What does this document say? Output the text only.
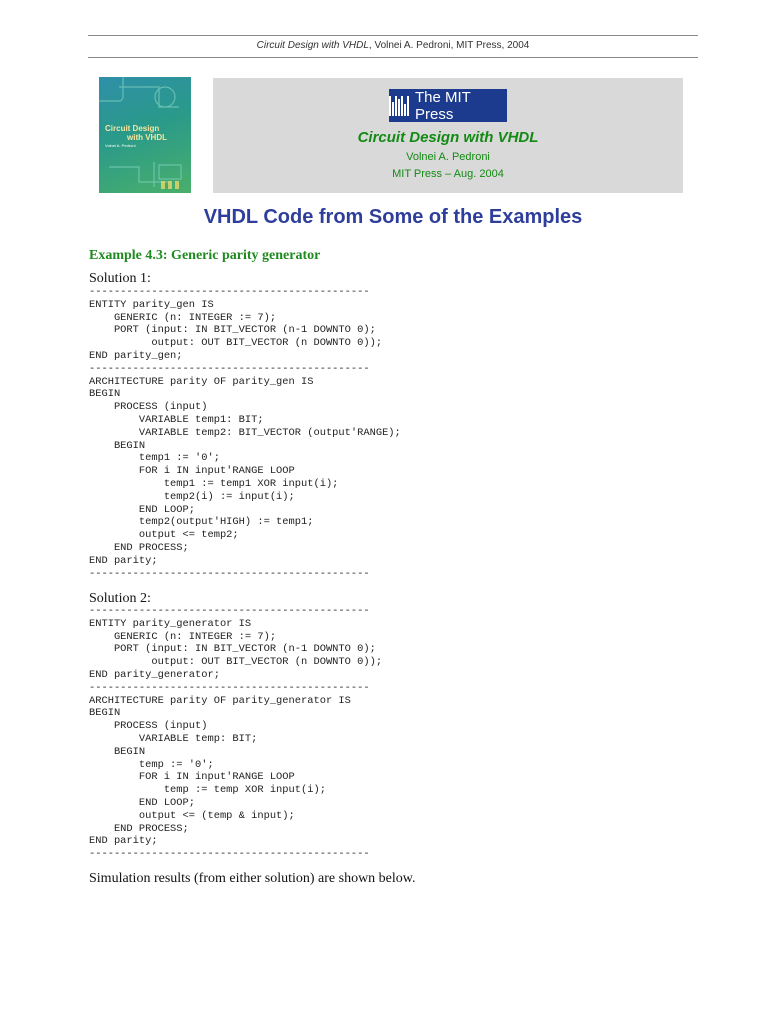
Circuit Design with VHDL, Volnei A. Pedroni, MIT Press, 2004
Circuit Design
with VHDL
Volnei A. Pedroni
The MIT Press
Circuit Design with VHDL
Volnei A. Pedroni
MIT Press – Aug. 2004
VHDL Code from Some of the Examples
Example 4.3: Generic parity generator
Solution 1:
---------------------------------------------
ENTITY parity_gen IS
GENERIC (n: INTEGER := 7);
PORT (input: IN BIT_VECTOR (n-1 DOWNTO 0);
output: OUT BIT_VECTOR (n DOWNTO 0));
END parity_gen;
---------------------------------------------
ARCHITECTURE parity OF parity_gen IS
BEGIN
PROCESS (input)
VARIABLE temp1: BIT;
VARIABLE temp2: BIT_VECTOR (output'RANGE);
BEGIN
temp1 := '0';
FOR i IN input'RANGE LOOP
temp1 := temp1 XOR input(i);
temp2(i) := input(i);
END LOOP;
temp2(output'HIGH) := temp1;
output <= temp2;
END PROCESS;
END parity;
---------------------------------------------
Solution 2:
---------------------------------------------
ENTITY parity_generator IS
GENERIC (n: INTEGER := 7);
PORT (input: IN BIT_VECTOR (n-1 DOWNTO 0);
output: OUT BIT_VECTOR (n DOWNTO 0));
END parity_generator;
---------------------------------------------
ARCHITECTURE parity OF parity_generator IS
BEGIN
PROCESS (input)
VARIABLE temp: BIT;
BEGIN
temp := '0';
FOR i IN input'RANGE LOOP
temp := temp XOR input(i);
END LOOP;
output <= (temp & input);
END PROCESS;
END parity;
---------------------------------------------
Simulation results (from either solution) are shown below.
